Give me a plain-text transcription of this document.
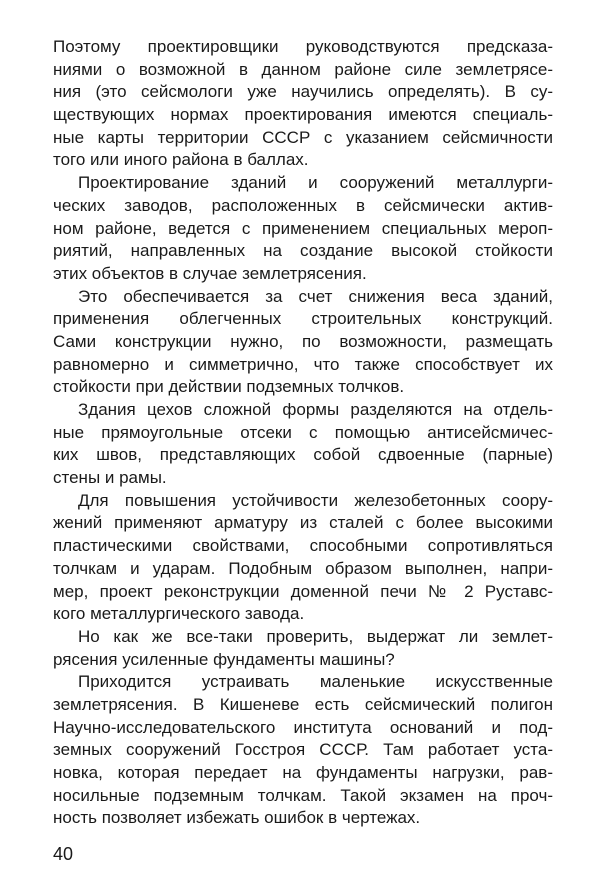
Поэтому проектировщики руководствуются предсказа-
ниями о возможной в данном районе силе землетрясе-
ния (это сейсмологи уже научились определять). В су-
ществующих нормах проектирования имеются специаль-
ные карты территории СССР с указанием сейсмичности
того или иного района в баллах.
Проектирование зданий и сооружений металлурги-
ческих заводов, расположенных в сейсмически актив-
ном районе, ведется с применением специальных мероп-
риятий, направленных на создание высокой стойкости
этих объектов в случае землетрясения.
Это обеспечивается за счет снижения веса зданий,
применения облегченных строительных конструкций.
Сами конструкции нужно, по возможности, размещать
равномерно и симметрично, что также способствует их
стойкости при действии подземных толчков.
Здания цехов сложной формы разделяются на отдель-
ные прямоугольные отсеки с помощью антисейсмичес-
ких швов, представляющих собой сдвоенные (парные)
стены и рамы.
Для повышения устойчивости железобетонных соору-
жений применяют арматуру из сталей с более высокими
пластическими свойствами, способными сопротивляться
толчкам и ударам. Подобным образом выполнен, напри-
мер, проект реконструкции доменной печи № 2 Руставс-
кого металлургического завода.
Но как же все-таки проверить, выдержат ли землет-
рясения усиленные фундаменты машины?
Приходится устраивать маленькие искусственные
землетрясения. В Кишеневе есть сейсмический полигон
Научно-исследовательского института оснований и под-
земных сооружений Госстроя СССР. Там работает уста-
новка, которая передает на фундаменты нагрузки, рав-
носильные подземным толчкам. Такой экзамен на проч-
ность позволяет избежать ошибок в чертежах.
40
